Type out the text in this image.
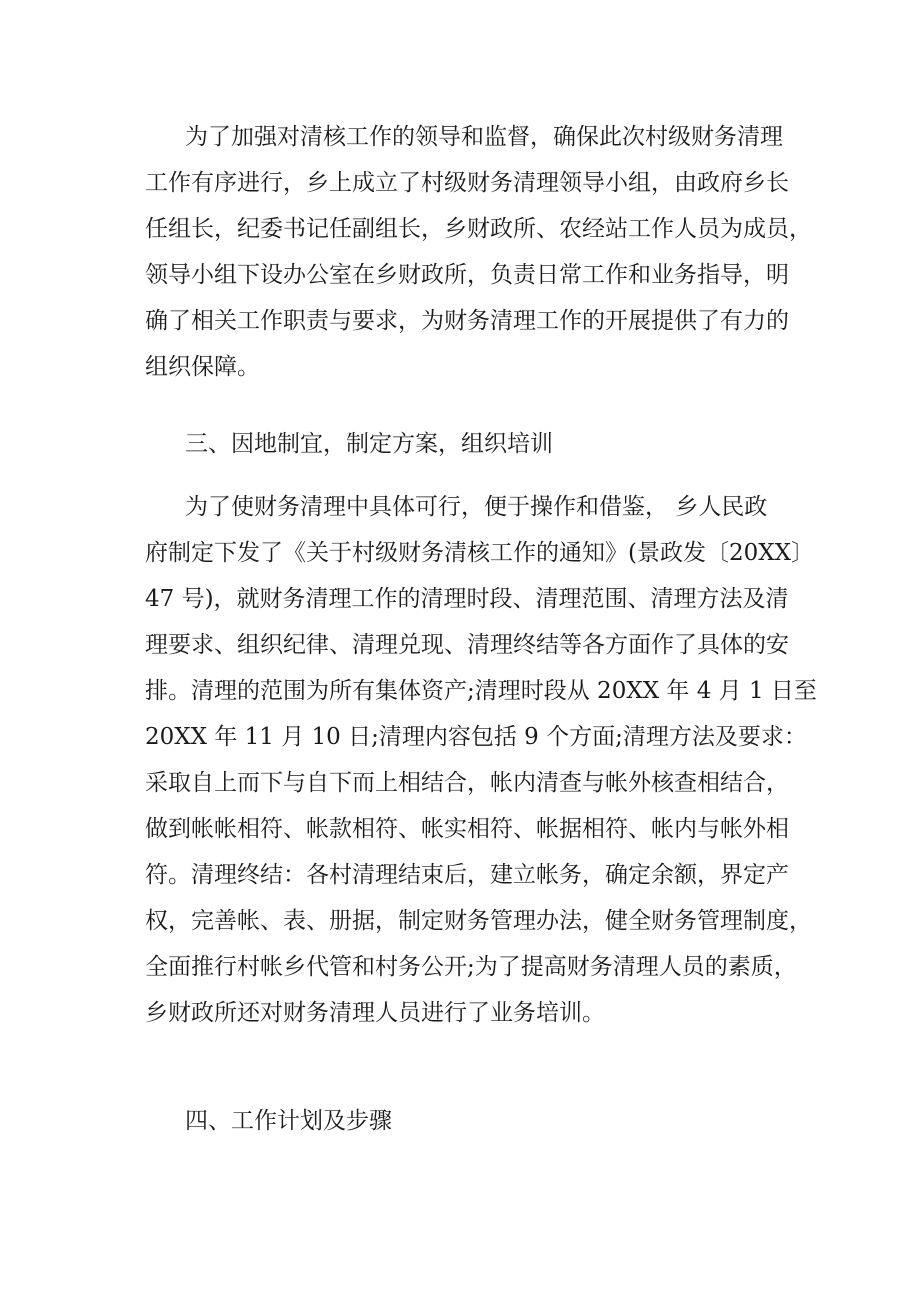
为了加强对清核工作的领导和监督，确保此次村级财务清理
工作有序进行，乡上成立了村级财务清理领导小组，由政府乡长
任组长，纪委书记任副组长，乡财政所、农经站工作人员为成员，
领导小组下设办公室在乡财政所，负责日常工作和业务指导，明
确了相关工作职责与要求，为财务清理工作的开展提供了有力的
组织保障。
三、因地制宜，制定方案，组织培训
为了使财务清理中具体可行，便于操作和借鉴， 乡人民政
府制定下发了《关于村级财务清核工作的通知》(景政发〔20XX〕
47 号)，就财务清理工作的清理时段、清理范围、清理方法及清
理要求、组织纪律、清理兑现、清理终结等各方面作了具体的安
排。清理的范围为所有集体资产;清理时段从 20XX 年 4 月 1 日至
20XX 年 11 月 10 日;清理内容包括 9 个方面;清理方法及要求：
采取自上而下与自下而上相结合，帐内清查与帐外核查相结合，
做到帐帐相符、帐款相符、帐实相符、帐据相符、帐内与帐外相
符。清理终结：各村清理结束后，建立帐务，确定余额，界定产
权，完善帐、表、册据，制定财务管理办法，健全财务管理制度，
全面推行村帐乡代管和村务公开;为了提高财务清理人员的素质，
乡财政所还对财务清理人员进行了业务培训。
四、工作计划及步骤
